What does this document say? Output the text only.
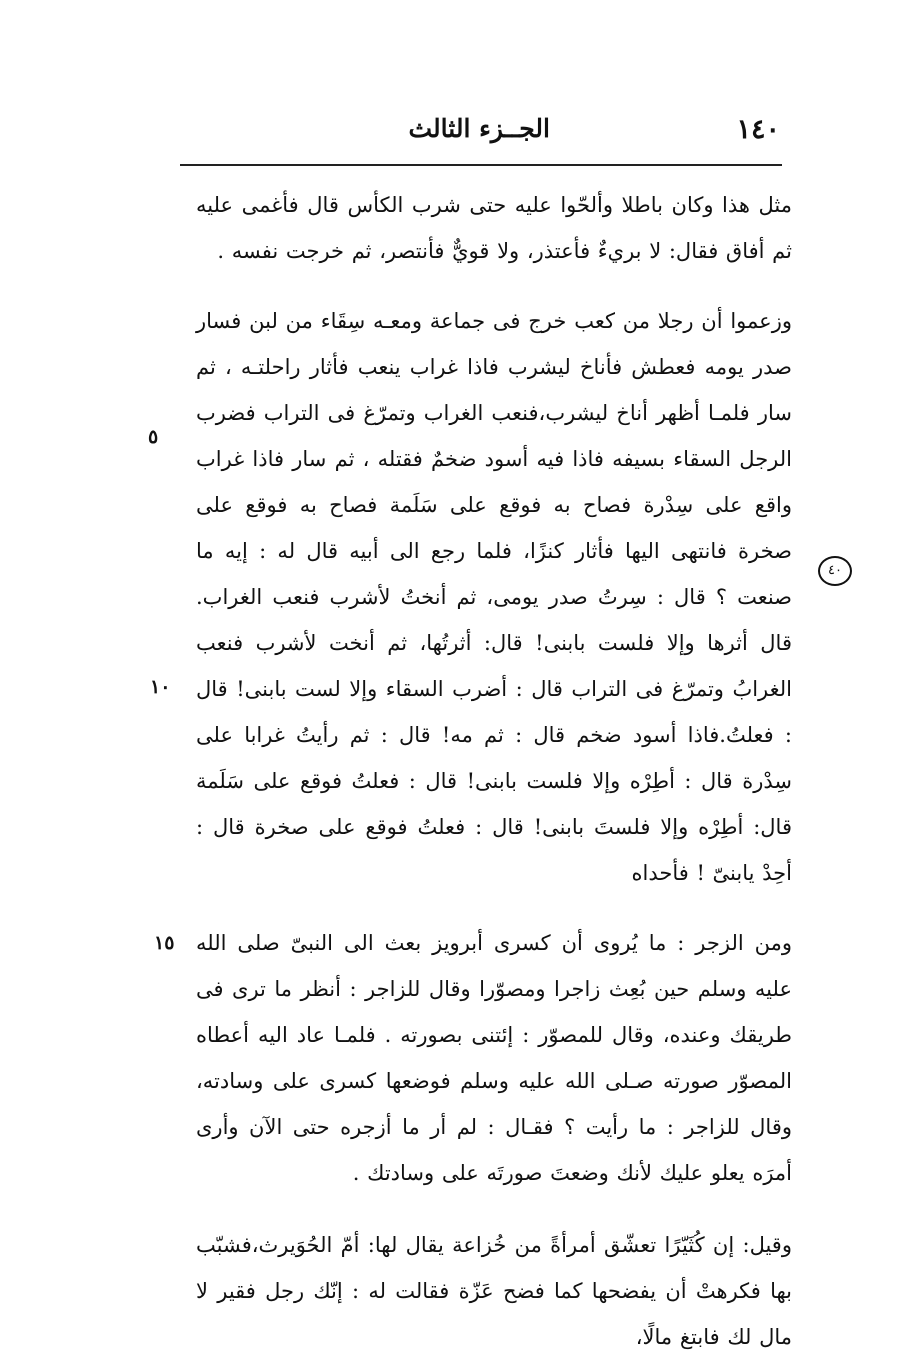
١٤٠
الجــزء الثالث

مثل هذا وكان باطلا وألحّوا عليه حتى شرب الكأس قال فأغمى عليه ثم أفاق فقال: لا بريءٌ فأعتذر، ولا قويٌّ فأنتصر، ثم خرجت نفسه .

وزعموا أن رجلا من كعب خرج فى جماعة ومعـه سِقَاء من لبن فسار صدر يومه فعطش فأناخ ليشرب فاذا غراب ينعب فأثار راحلتـه ، ثم سار فلمـا أظهر أناخ ليشرب،فنعب الغراب وتمرّغ فى التراب فضرب الرجل السقاء بسيفه فاذا فيه أسود ضخمٌ فقتله ، ثم سار فاذا غراب واقع على سِدْرة فصاح به فوقع على سَلَمة فصاح به فوقع على صخرة فانتهى اليها فأثار كنزًا، فلما رجع الى أبيه قال له : إيه ما صنعت ؟ قال : سِرتُ صدر يومى، ثم أنختُ لأشرب فنعب الغراب. قال أثرها وإلا فلست بابنى! قال: أثرتُها، ثم أنخت لأشرب فنعب الغرابُ وتمرّغ فى التراب قال : أضرب السقاء وإلا لست بابنى! قال : فعلتُ.فاذا أسود ضخم قال : ثم مه! قال : ثم رأيتُ غرابا على سِدْرة قال : أطِرْه وإلا فلست بابنى! قال : فعلتُ فوقع على سَلَمة قال: أطِرْه وإلا فلستَ بابنى! قال : فعلتُ فوقع على صخرة قال : أحِدْ يابنىّ ! فأحداه

ومن الزجر : ما يُروى أن كسرى أبرويز بعث الى النبىّ صلى الله عليه وسلم حين بُعِث زاجرا ومصوّرا وقال للزاجر : أنظر ما ترى فى طريقك وعنده، وقال للمصوّر : إئتنى بصورته . فلمـا عاد اليه أعطاه المصوّر صورته صـلى الله عليه وسلم فوضعها كسرى على وسادته، وقال للزاجر : ما رأيت ؟ فقـال : لم أر ما أزجره حتى الآن وأرى أمرَه يعلو عليك لأنك وضعتَ صورتَه على وسادتك .

وقيل: إن كُثَيّرًا تعشّق أمرأةً من خُزاعة يقال لها: أمّ الحُوَيرث،فشبّب بها فكرهتْ أن يفضحها كما فضح عَزّة فقالت له : إنّك رجل فقير لا مال لك فابتغ مالًا،

٥
١٠
١٥
٤٠
